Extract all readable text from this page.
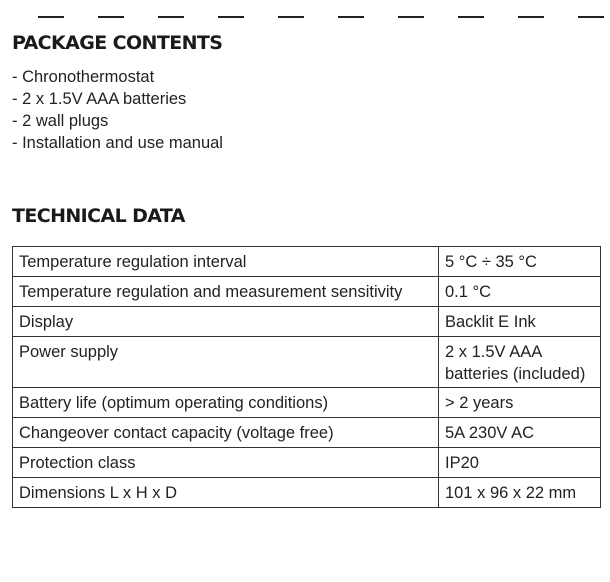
PACKAGE CONTENTS
- Chronothermostat
- 2 x 1.5V AAA batteries
- 2 wall plugs
- Installation and use manual
TECHNICAL DATA
Temperature regulation interval	5 °C ÷ 35 °C
Temperature regulation and measurement sensitivity	0.1 °C
Display	Backlit E Ink
Power supply	2 x 1.5V AAA batteries (included)
Battery life (optimum operating conditions)	> 2 years
Changeover contact capacity (voltage free)	5A 230V AC
Protection class	IP20
Dimensions L x H x D	101 x 96 x 22 mm
